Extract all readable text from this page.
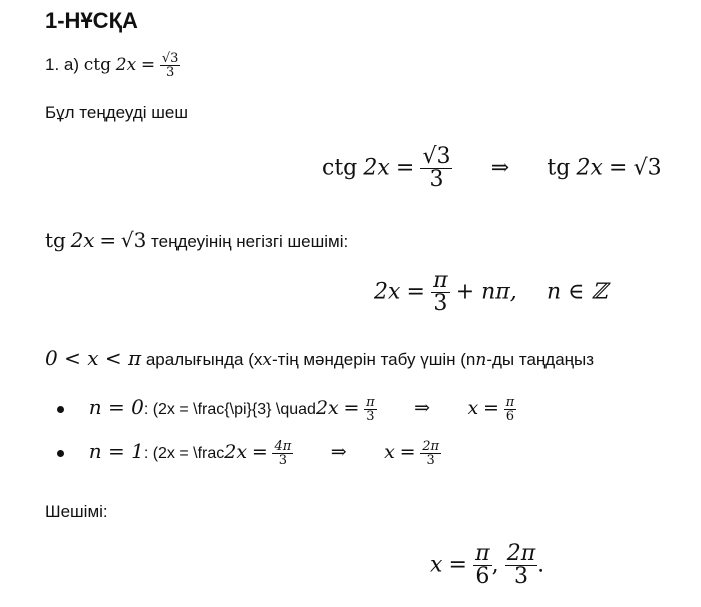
1-НҰСҚА
1. а) ctg $2x = \frac{√3}{3}$
Бұл теңдеуді шеш
ctg $2x = \frac{√3}{3}$ ⇒ tg 2x = √3
tg 2x = √3 теңдеуінің негізгі шешімі:
$2x = \frac{\pi}{3} + n\pi$, n ∈ ℤ
0 < x < π аралығында (xx-тің мәндерін табу үшін (nn-ды таңдаңыз
n = 0: (2x = \frac{\pi}{3} \quad2x = $\frac{\pi}{3}$ ⇒ $x = \frac{\pi}{6}$
n = 1: (2x = \frac2x = $\frac{4\pi}{3}$ ⇒ $x = \frac{2\pi}{3}$
Шешімі:
$x = \frac{\pi}{6}$ , $\frac{2\pi}{3}$ .
